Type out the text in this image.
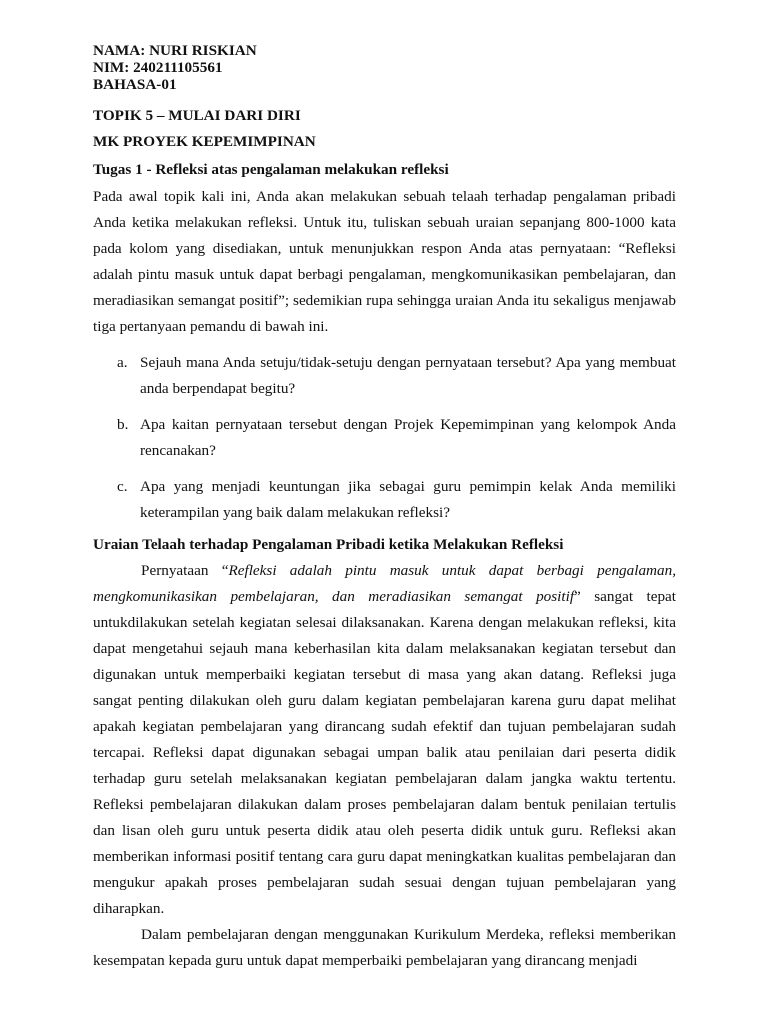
NAMA: NURI RISKIAN

NIM: 240211105561

BAHASA-01

TOPIK 5 – MULAI DARI DIRI

MK PROYEK KEPEMIMPINAN

Tugas 1 - Refleksi atas pengalaman melakukan refleksi

Pada awal topik kali ini, Anda akan melakukan sebuah telaah terhadap pengalaman pribadi Anda ketika melakukan refleksi. Untuk itu, tuliskan sebuah uraian sepanjang 800-1000 kata pada kolom yang disediakan, untuk menunjukkan respon Anda atas pernyataan: “Refleksi adalah pintu masuk untuk dapat berbagi pengalaman, mengkomunikasikan pembelajaran, dan meradiasikan semangat positif”; sedemikian rupa sehingga uraian Anda itu sekaligus menjawab tiga pertanyaan pemandu di bawah ini.

a. Sejauh mana Anda setuju/tidak-setuju dengan pernyataan tersebut? Apa yang membuat anda berpendapat begitu?
b. Apa kaitan pernyataan tersebut dengan Projek Kepemimpinan yang kelompok Anda rencanakan?
c. Apa yang menjadi keuntungan jika sebagai guru pemimpin kelak Anda memiliki keterampilan yang baik dalam melakukan refleksi?

Uraian Telaah terhadap Pengalaman Pribadi ketika Melakukan Refleksi

Pernyataan “Refleksi adalah pintu masuk untuk dapat berbagi pengalaman, mengkomunikasikan pembelajaran, dan meradiasikan semangat positif” sangat tepat untukdilakukan setelah kegiatan selesai dilaksanakan. Karena dengan melakukan refleksi, kita dapat mengetahui sejauh mana keberhasilan kita dalam melaksanakan kegiatan tersebut dan digunakan untuk memperbaiki kegiatan tersebut di masa yang akan datang. Refleksi juga sangat penting dilakukan oleh guru dalam kegiatan pembelajaran karena guru dapat melihat apakah kegiatan pembelajaran yang dirancang sudah efektif dan tujuan pembelajaran sudah tercapai. Refleksi dapat digunakan sebagai umpan balik atau penilaian dari peserta didik terhadap guru setelah melaksanakan kegiatan pembelajaran dalam jangka waktu tertentu. Refleksi pembelajaran dilakukan dalam proses pembelajaran dalam bentuk penilaian tertulis dan lisan oleh guru untuk peserta didik atau oleh peserta didik untuk guru. Refleksi akan memberikan informasi positif tentang cara guru dapat meningkatkan kualitas pembelajaran dan mengukur apakah proses pembelajaran sudah sesuai dengan tujuan pembelajaran yang diharapkan.

Dalam pembelajaran dengan menggunakan Kurikulum Merdeka, refleksi memberikan kesempatan kepada guru untuk dapat memperbaiki pembelajaran yang dirancang menjadi
